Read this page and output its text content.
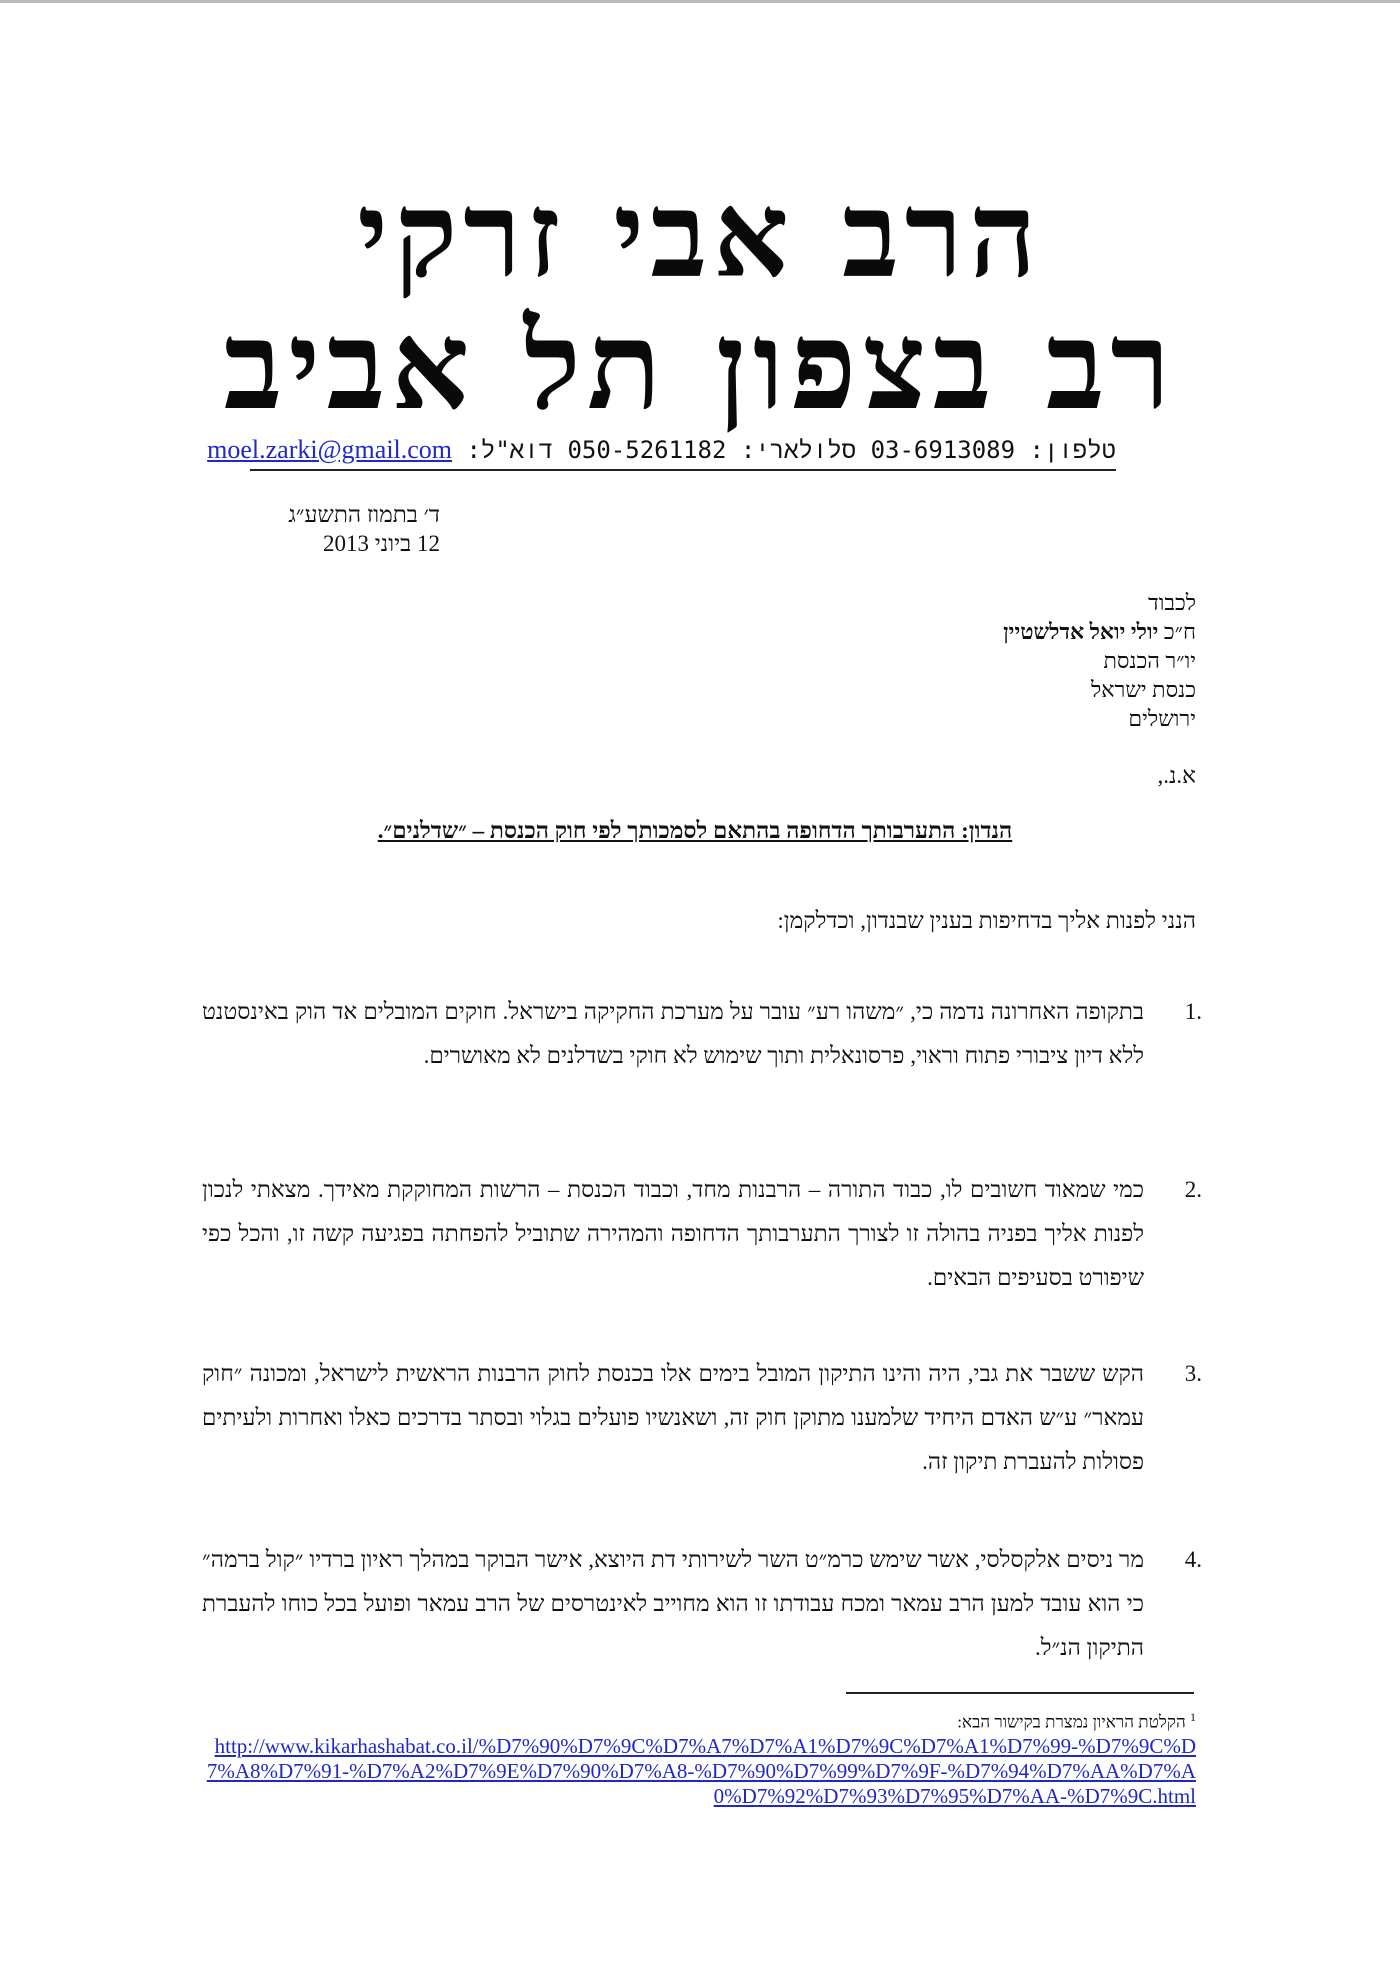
הרב אבי זרקי
רב בצפון תל אביב
טלפון: 03-6913089 סלולארי: 050-5261182 דוא"ל: moel.zarki@gmail.com
ד׳ בתמוז התשע״ג
12 ביוני 2013
לכבוד
ח״כ יולי יואל אדלשטיין
יו״ר הכנסת
כנסת ישראל
ירושלים
א.נ.,
הנדון: התערבותך הדחופה בהתאם לסמכותך לפי חוק הכנסת – ״שדלנים״.
הנני לפנות אליך בדחיפות בענין שבנדון, וכדלקמן:
1.
בתקופה האחרונה נדמה כי, ״משהו רע״ עובר על מערכת החקיקה בישראל. חוקים המובלים אד הוק באינסטנט ללא דיון ציבורי פתוח וראוי, פרסונאלית ותוך שימוש לא חוקי בשדלנים לא מאושרים.
2.
כמי שמאוד חשובים לו, כבוד התורה – הרבנות מחד, וכבוד הכנסת – הרשות המחוקקת מאידך. מצאתי לנכון לפנות אליך בפניה בהולה זו לצורך התערבותך הדחופה והמהירה שתוביל להפחתה בפגיעה קשה זו, והכל כפי שיפורט בסעיפים הבאים.
3.
הקש ששבר את גבי, היה והינו התיקון המובל בימים אלו בכנסת לחוק הרבנות הראשית לישראל, ומכונה ״חוק עמאר״ ע״ש האדם היחיד שלמענו מתוקן חוק זה, ושאנשיו פועלים בגלוי ובסתר בדרכים כאלו ואחרות ולעיתים פסולות להעברת תיקון זה.
4.
מר ניסים אלקסלסי, אשר שימש כרמ״ט השר לשירותי דת היוצא, אישר הבוקר במהלך ראיון ברדיו ״קול ברמה״ כי הוא עובד למען הרב עמאר ומכח עבודתו זו הוא מחוייב לאינטרסים של הרב עמאר ופועל בכל כוחו להעברת התיקון הנ״ל.
$^1$ הקלטת הראיון נמצרת בקישור הבא:
http://www.kikarhashabat.co.il/%D7%90%D7%9C%D7%A7%D7%A1%D7%9C%D7%A1%D7%99-%D7%9C%D7%A8%D7%91-%D7%A2%D7%9E%D7%90%D7%A8-%D7%90%D7%99%D7%9F-%D7%94%D7%AA%D7%A0%D7%92%D7%93%D7%95%D7%AA-%D7%9C.html
